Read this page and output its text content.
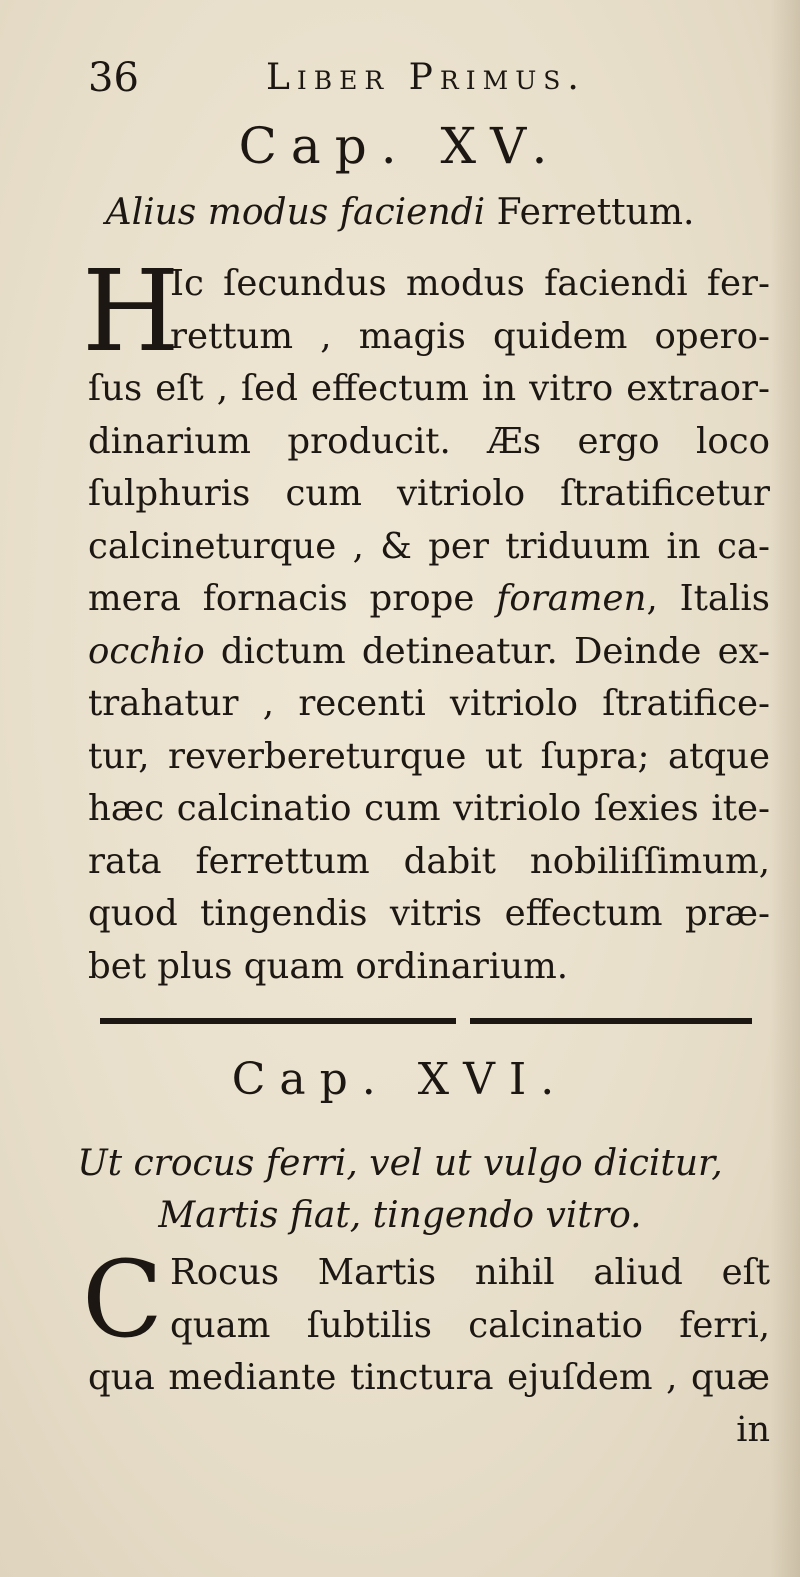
36	Liber Primus.
Cap. XV.
Alius modus faciendi Ferrettum.
H
Ic ſecundus modus faciendi fer-
rettum , magis quidem opero-
ſus eſt , ſed effectum in vitro extraor-
dinarium producit. Æs ergo loco
ſulphuris cum vitriolo ſtratificetur
calcineturque , & per triduum in ca-
mera fornacis prope foramen, Italis
occhio dictum detineatur. Deinde ex-
trahatur , recenti vitriolo ſtratifice-
tur, reverbereturque ut ſupra; atque
hæc calcinatio cum vitriolo ſexies ite-
rata ferrettum dabit nobiliſſimum,
quod tingendis vitris effectum præ-
bet plus quam ordinarium.
Cap. XVI.
Ut crocus ferri, vel ut vulgo dicitur,
Martis fiat, tingendo vitro.
C Rocus Martis nihil aliud eſt
quam ſubtilis calcinatio ferri,
qua mediante tinctura ejuſdem , quæ
in
